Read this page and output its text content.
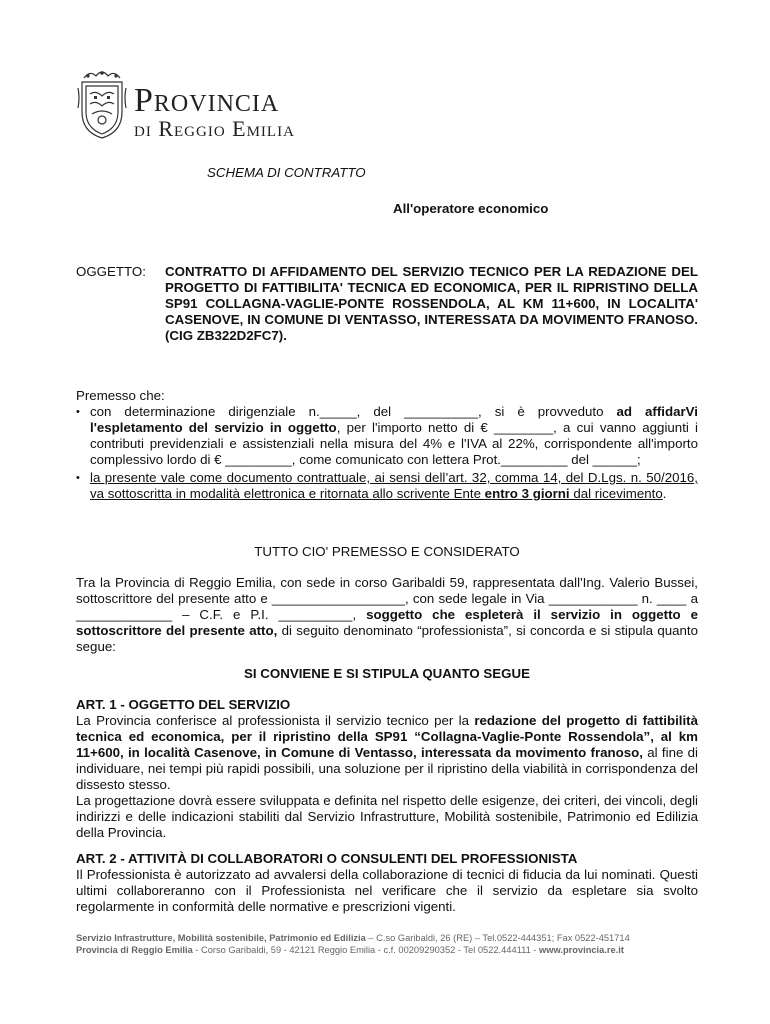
Provincia
di Reggio Emilia
SCHEMA DI CONTRATTO
All'operatore economico
OGGETTO: CONTRATTO DI AFFIDAMENTO DEL SERVIZIO TECNICO PER LA REDAZIONE DEL PROGETTO DI FATTIBILITA' TECNICA ED ECONOMICA, PER IL RIPRISTINO DELLA SP91 COLLAGNA-VAGLIE-PONTE ROSSENDOLA, AL KM 11+600, IN LOCALITA' CASENOVE, IN COMUNE DI VENTASSO, INTERESSATA DA MOVIMENTO FRANOSO. (CIG ZB322D2FC7).
Premesso che:
• con determinazione dirigenziale n._____, del __________, si è provveduto ad affidarVi l'espletamento del servizio in oggetto, per l'importo netto di € ________, a cui vanno aggiunti i contributi previdenziali e assistenziali nella misura del 4% e l'IVA al 22%, corrispondente all'importo complessivo lordo di € _________, come comunicato con lettera Prot._________ del ______;
• la presente vale come documento contrattuale, ai sensi dell’art. 32, comma 14, del D.Lgs. n. 50/2016, va sottoscritta in modalità elettronica e ritornata allo scrivente Ente entro 3 giorni dal ricevimento.
TUTTO CIO' PREMESSO E CONSIDERATO
Tra la Provincia di Reggio Emilia, con sede in corso Garibaldi 59, rappresentata dall'Ing. Valerio Bussei, sottoscrittore del presente atto e __________________, con sede legale in Via ____________ n. ____ a _____________ – C.F. e P.I. __________, soggetto che espleterà il servizio in oggetto e sottoscrittore del presente atto, di seguito denominato “professionista”, si concorda e si stipula quanto segue:
SI CONVIENE E SI STIPULA QUANTO SEGUE
ART. 1 - OGGETTO DEL SERVIZIO
La Provincia conferisce al professionista il servizio tecnico per la redazione del progetto di fattibilità tecnica ed economica, per il ripristino della SP91 “Collagna-Vaglie-Ponte Rossendola”, al km 11+600, in località Casenove, in Comune di Ventasso, interessata da movimento franoso, al fine di individuare, nei tempi più rapidi possibili, una soluzione per il ripristino della viabilità in corrispondenza del dissesto stesso.
La progettazione dovrà essere sviluppata e definita nel rispetto delle esigenze, dei criteri, dei vincoli, degli indirizzi e delle indicazioni stabiliti dal Servizio Infrastrutture, Mobilità sostenibile, Patrimonio ed Edilizia della Provincia.
ART. 2 - ATTIVITÀ DI COLLABORATORI O CONSULENTI DEL PROFESSIONISTA
Il Professionista è autorizzato ad avvalersi della collaborazione di tecnici di fiducia da lui nominati. Questi ultimi collaboreranno con il Professionista nel verificare che il servizio da espletare sia svolto regolarmente in conformità delle normative e prescrizioni vigenti.
Servizio Infrastrutture, Mobilità sostenibile, Patrimonio ed Edilizia – C.so Garibaldi, 26 (RE) – Tel.0522-444351; Fax 0522-451714
Provincia di Reggio Emilia - Corso Garibaldi, 59 - 42121 Reggio Emilia - c.f. 00209290352 - Tel 0522.444111 - www.provincia.re.it
